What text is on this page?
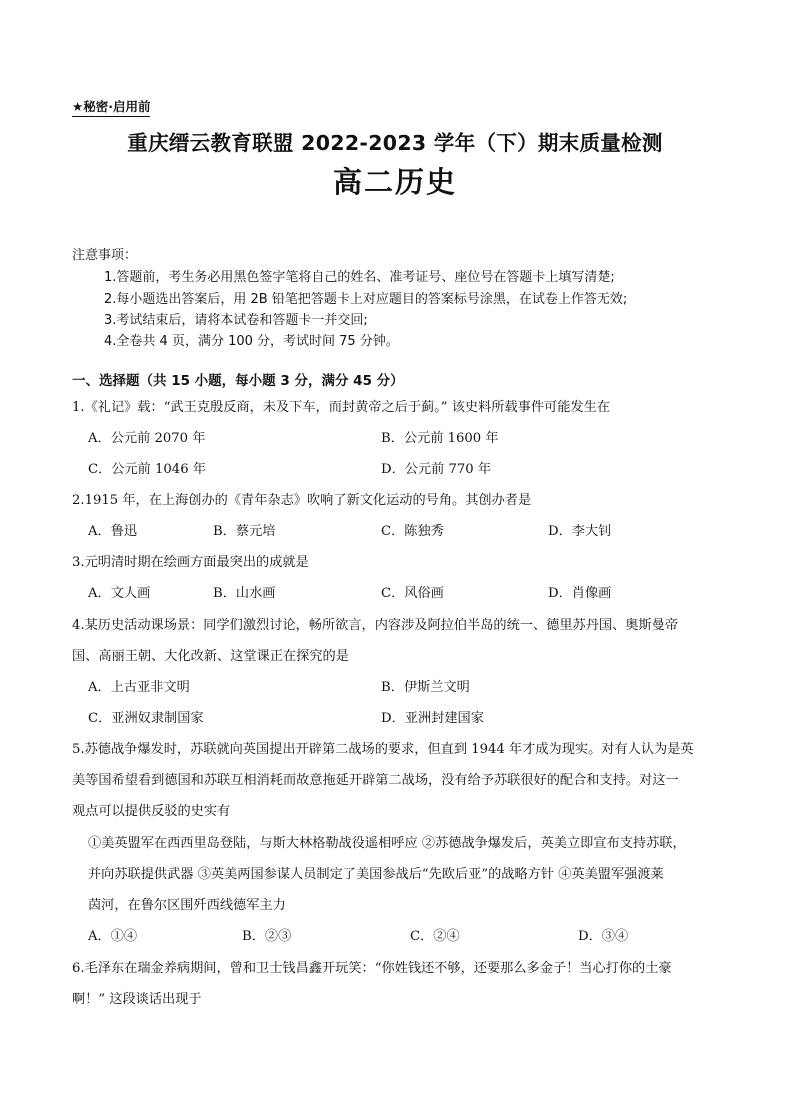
★秘密·启用前
重庆缙云教育联盟 2022-2023 学年（下）期末质量检测
高二历史
注意事项：
1.答题前，考生务必用黑色签字笔将自己的姓名、准考证号、座位号在答题卡上填写清楚;
2.每小题选出答案后，用 2B 铅笔把答题卡上对应题目的答案标号涂黑，在试卷上作答无效;
3.考试结束后，请将本试卷和答题卡一并交回;
4.全卷共 4 页，满分 100 分，考试时间 75 分钟。
一、选择题（共 15 小题，每小题 3 分，满分 45 分）
1.《礼记》载：“武王克殷反商，未及下车，而封黄帝之后于蓟。” 该史料所载事件可能发生在
A．公元前 2070 年	B．公元前 1600 年
C．公元前 1046 年	D．公元前 770 年
2.1915 年，在上海创办的《青年杂志》吹响了新文化运动的号角。其创办者是
A．鲁迅	B．蔡元培	C．陈独秀	D．李大钊
3.元明清时期在绘画方面最突出的成就是
A．文人画	B．山水画	C．风俗画	D．肖像画
4.某历史活动课场景：同学们激烈讨论，畅所欲言，内容涉及阿拉伯半岛的统一、德里苏丹国、奥斯曼帝
国、高丽王朝、大化改新、这堂课正在探究的是
A．上古亚非文明	B．伊斯兰文明
C．亚洲奴隶制国家	D．亚洲封建国家
5.苏德战争爆发时，苏联就向英国提出开辟第二战场的要求，但直到 1944 年才成为现实。对有人认为是英
美等国希望看到德国和苏联互相消耗而故意拖延开辟第二战场，没有给予苏联很好的配合和支持。对这一
观点可以提供反驳的史实有
①美英盟军在西西里岛登陆，与斯大林格勒战役遥相呼应 ②苏德战争爆发后，英美立即宣布支持苏联，
并向苏联提供武器 ③英美两国参谋人员制定了美国参战后“先欧后亚”的战略方针 ④英美盟军强渡莱
茵河，在鲁尔区围歼西线德军主力
A．①④	B．②③	C．②④	D．③④
6.毛泽东在瑞金养病期间，曾和卫士钱昌鑫开玩笑：“你姓钱还不够，还要那么多金子！当心打你的土豪
啊！” 这段谈话出现于
